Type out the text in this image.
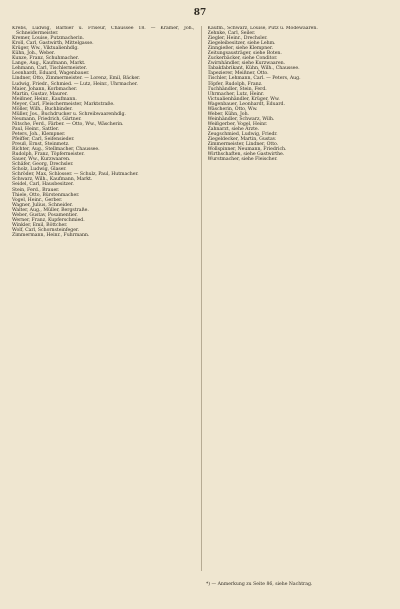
87

Krebs, Ludwig, Barbier u. Friseur, Chaussee 18. — Kramer, Joh., Schneidermeister.

Kremer, Louise, Putzmacherin.

Kroll, Carl, Gastwirth, Mittelgasse.

Krüger, Ww., Viktualienhdlg.

Kühn, Joh., Weber.

Kunze, Franz, Schuhmacher.

Lange, Aug., Kaufmann, Markt.

Lehmann, Carl, Tischlermeister.

Leonhardt, Eduard, Wagenbauer.

Lindner, Otto, Zimmermeister. — Lorenz, Emil, Bäcker.

Ludwig, Friedr., Schmied. — Lutz, Heinr., Uhrmacher.

Maier, Johann, Korbmacher.

Martin, Gustav, Maurer.

Meißner, Heinr., Kaufmann.

Meyer, Carl, Fleischermeister, Marktstraße.

Möller, Wilh., Buchbinder.

Müller, Jos., Buchdrucker u. Schreibwaarenhdlg.

Neumann, Friedrich, Gärtner.

Nitsche, Ferd., Färber. — Otto, Ww., Wäscherin.

Paul, Heinr., Sattler.

Peters, Joh., Klempner.

Pfeiffer, Carl, Seifensieder.

Preuß, Ernst, Steinmetz.

Richter, Aug., Stellmacher, Chaussee.

Rudolph, Franz, Töpfermeister.

Sauer, Ww., Kurzwaaren.

Schäfer, Georg, Drechsler.

Scholz, Ludwig, Glaser.

Schröder, Max, Schlosser. — Schulz, Paul, Hutmacher.

Schwarz, Wilh., Kaufmann, Markt.

Seidel, Carl, Hausbesitzer.

Stein, Ferd., Brauer.

Thiele, Otto, Bürstenmacher.

Vogel, Heinr., Gerber.

Wagner, Julius, Schneider.

Walter, Aug., Müller, Bergstraße.

Weber, Gustav, Posamentier.

Werner, Franz, Kupferschmied.

Winkler, Emil, Böttcher.

Wolf, Carl, Schornsteinfeger.

Zimmermann, Heinr., Fuhrmann.

Kaufm., Schwarz, Louise, Putz u. Modewaaren.

Zehnke, Carl, Seiler.

Ziegler, Heinr., Drechsler.

Ziegeleibesitzer, siehe Lehm.

Zinngießer, siehe Klempner.

Zeitungsausträger, siehe Boten.

Zuckerbäcker, siehe Conditor.

Zwirnhändler, siehe Kurzwaaren.

Tabakfabrikant, Kühn, Wilh., Chaussee.

Tapezierer, Meißner, Otto.

Tischler, Lehmann, Carl. — Peters, Aug.

Töpfer, Rudolph, Franz.

Tuchhändler, Stein, Ferd.

Uhrmacher, Lutz, Heinr.

Victualienhändler, Krüger, Ww.

Wagenbauer, Leonhardt, Eduard.

Wäscherin, Otto, Ww.

Weber, Kühn, Joh.

Weinhändler, Schwarz, Wilh.

Weißgerber, Vogel, Heinr.

Zahnarzt, siehe Ärzte.

Zeugschmied, Ludwig, Friedr.

Ziegeldecker, Martin, Gustav.

Zimmermeister, Lindner, Otto.

Wollspinner, Neumann, Friedrich.

Wirthschaften, siehe Gastwirthe.

Wurstmacher, siehe Fleischer.

*) — Anmerkung zu Seite 86, siehe Nachtrag.
